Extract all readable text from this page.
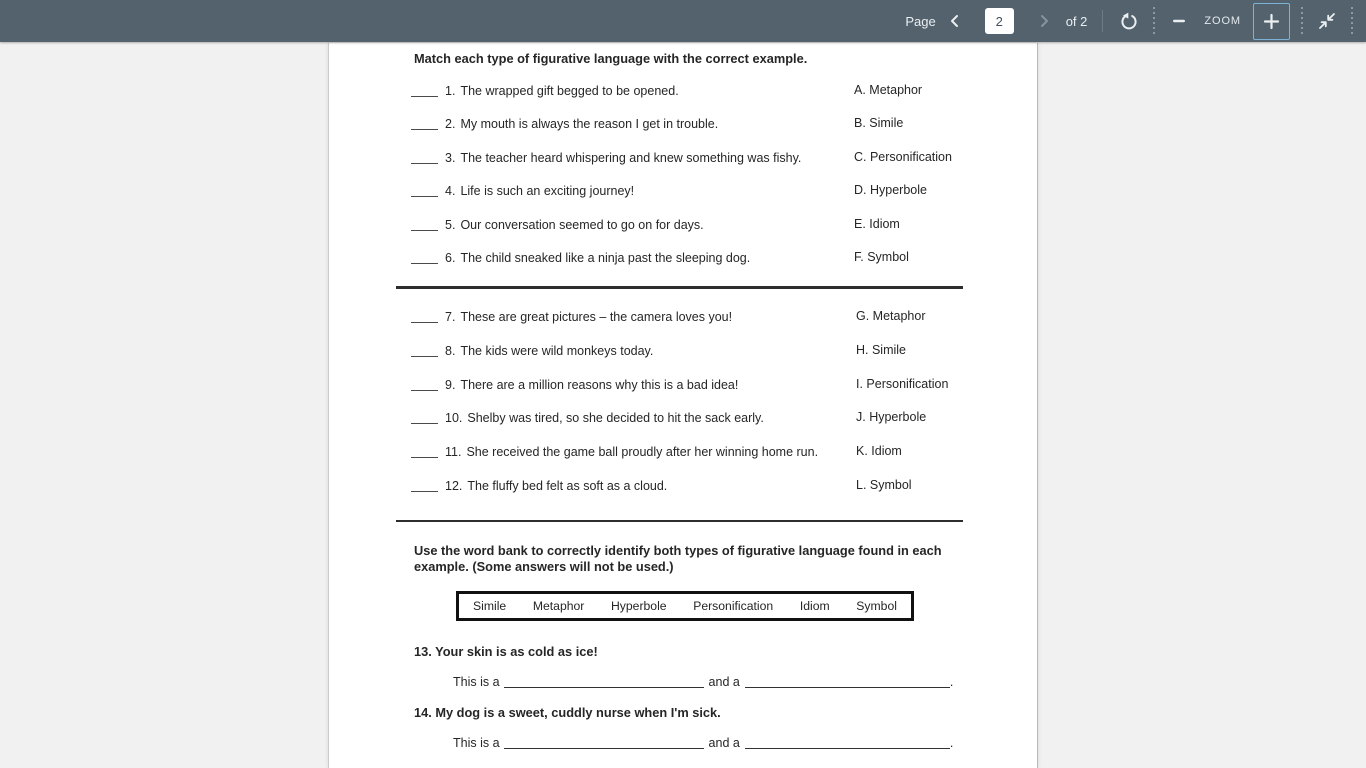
Page
2	of 2	ZOOM
Match each type of figurative language with the correct example.
1. The wrapped gift begged to be opened.	A. Metaphor
2. My mouth is always the reason I get in trouble.	B. Simile
3. The teacher heard whispering and knew something was fishy.	C. Personification
4. Life is such an exciting journey!	D. Hyperbole
5. Our conversation seemed to go on for days.	E. Idiom
6. The child sneaked like a ninja past the sleeping dog.	F. Symbol
7. These are great pictures – the camera loves you!	G. Metaphor
8. The kids were wild monkeys today.	H. Simile
9. There are a million reasons why this is a bad idea!	I. Personification
10. Shelby was tired, so she decided to hit the sack early.	J. Hyperbole
11. She received the game ball proudly after her winning home run.	K. Idiom
12. The fluffy bed felt as soft as a cloud.	L. Symbol
Use the word bank to correctly identify both types of figurative language found in each
example. (Some answers will not be used.)
Simile Metaphor Hyperbole Personification Idiom Symbol
13. Your skin is as cold as ice!
This is a	and a	.
14. My dog is a sweet, cuddly nurse when I'm sick.
This is a	and a	.
